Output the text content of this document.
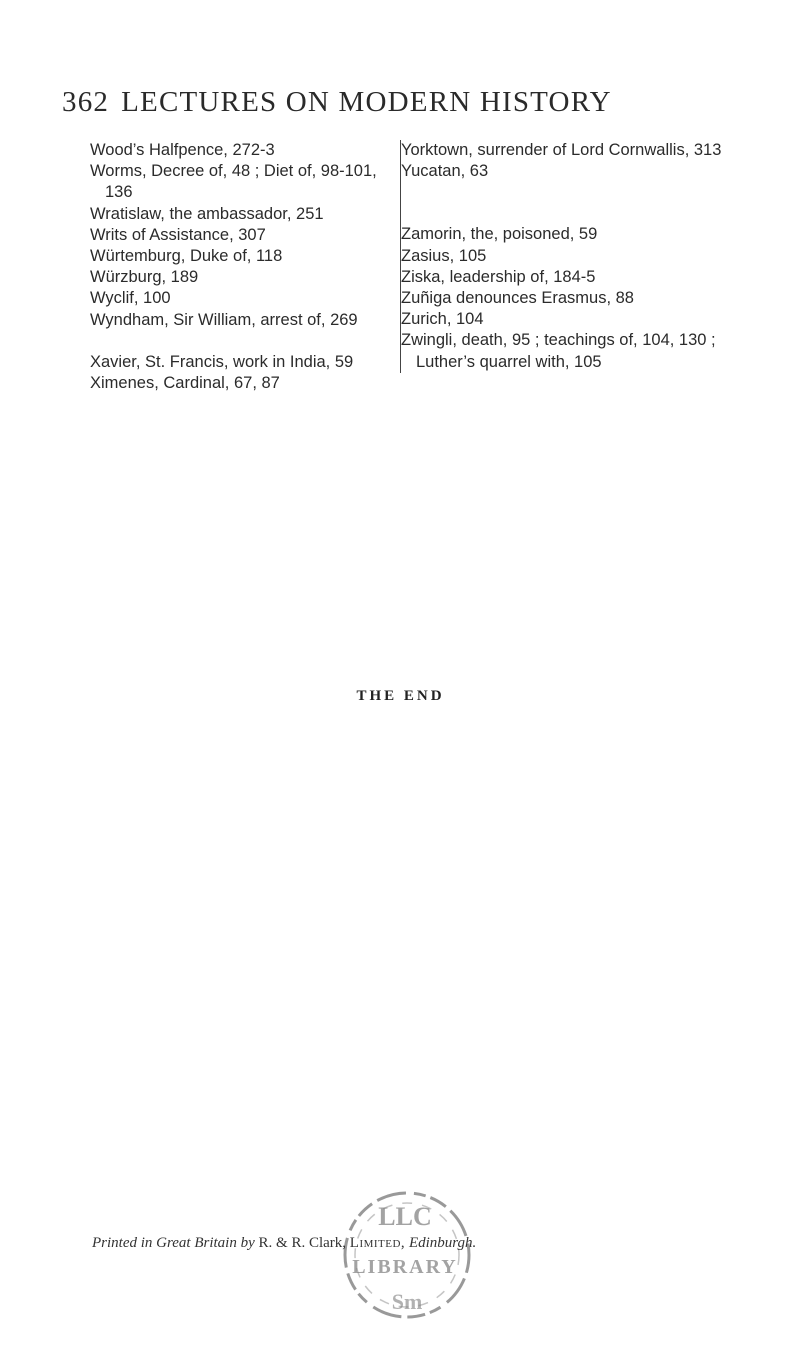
362 LECTURES ON MODERN HISTORY
Wood’s Halfpence, 272-3
Worms, Decree of, 48 ; Diet of, 98-101, 136
Wratislaw, the ambassador, 251
Writs of Assistance, 307
Würtemburg, Duke of, 118
Würzburg, 189
Wyclif, 100
Wyndham, Sir William, arrest of, 269
Xavier, St. Francis, work in India, 59
Ximenes, Cardinal, 67, 87
Yorktown, surrender of Lord Cornwallis, 313
Yucatan, 63
Zamorin, the, poisoned, 59
Zasius, 105
Ziska, leadership of, 184-5
Zuñiga denounces Erasmus, 88
Zurich, 104
Zwingli, death, 95 ; teachings of, 104, 130 ; Luther’s quarrel with, 105
THE END
LLC
LIBRARY
Sm
Printed in Great Britain by R. & R. Clark, Limited, Edinburgh.
